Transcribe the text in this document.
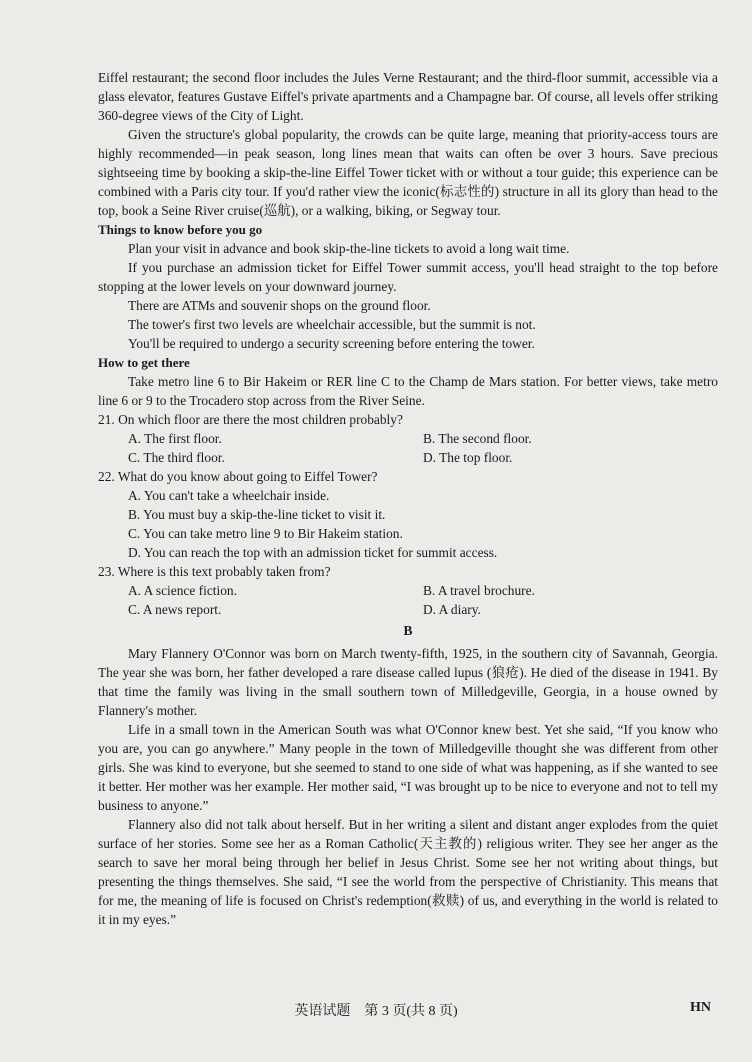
Eiffel restaurant; the second floor includes the Jules Verne Restaurant; and the third-floor summit, accessible via a glass elevator, features Gustave Eiffel's private apartments and a Champagne bar. Of course, all levels offer striking 360-degree views of the City of Light.

Given the structure's global popularity, the crowds can be quite large, meaning that priority-access tours are highly recommended—in peak season, long lines mean that waits can often be over 3 hours. Save precious sightseeing time by booking a skip-the-line Eiffel Tower ticket with or without a tour guide; this experience can be combined with a Paris city tour. If you'd rather view the iconic(标志性的) structure in all its glory than head to the top, book a Seine River cruise(巡航), or a walking, biking, or Segway tour.

Things to know before you go

Plan your visit in advance and book skip-the-line tickets to avoid a long wait time.

If you purchase an admission ticket for Eiffel Tower summit access, you'll head straight to the top before stopping at the lower levels on your downward journey.

There are ATMs and souvenir shops on the ground floor.

The tower's first two levels are wheelchair accessible, but the summit is not.

You'll be required to undergo a security screening before entering the tower.

How to get there

Take metro line 6 to Bir Hakeim or RER line C to the Champ de Mars station. For better views, take metro line 6 or 9 to the Trocadero stop across from the River Seine.

21. On which floor are there the most children probably?

A. The first floor.	B. The second floor.

C. The third floor.	D. The top floor.

22. What do you know about going to Eiffel Tower?

A. You can't take a wheelchair inside.

B. You must buy a skip-the-line ticket to visit it.

C. You can take metro line 9 to Bir Hakeim station.

D. You can reach the top with an admission ticket for summit access.

23. Where is this text probably taken from?

A. A science fiction.	B. A travel brochure.

C. A news report.	D. A diary.

B

Mary Flannery O'Connor was born on March twenty-fifth, 1925, in the southern city of Savannah, Georgia. The year she was born, her father developed a rare disease called lupus (狼疮). He died of the disease in 1941. By that time the family was living in the small southern town of Milledgeville, Georgia, in a house owned by Flannery's mother.

Life in a small town in the American South was what O'Connor knew best. Yet she said, “If you know who you are, you can go anywhere.” Many people in the town of Milledgeville thought she was different from other girls. She was kind to everyone, but she seemed to stand to one side of what was happening, as if she wanted to see it better. Her mother was her example. Her mother said, “I was brought up to be nice to everyone and not to tell my business to anyone.”

Flannery also did not talk about herself. But in her writing a silent and distant anger explodes from the quiet surface of her stories. Some see her as a Roman Catholic(天主教的) religious writer. They see her anger as the search to save her moral being through her belief in Jesus Christ. Some see her not writing about things, but presenting the things themselves. She said, “I see the world from the perspective of Christianity. This means that for me, the meaning of life is focused on Christ's redemption(救赎) of us, and everything in the world is related to it in my eyes.”

英语试题　第 3 页(共 8 页)	HN
